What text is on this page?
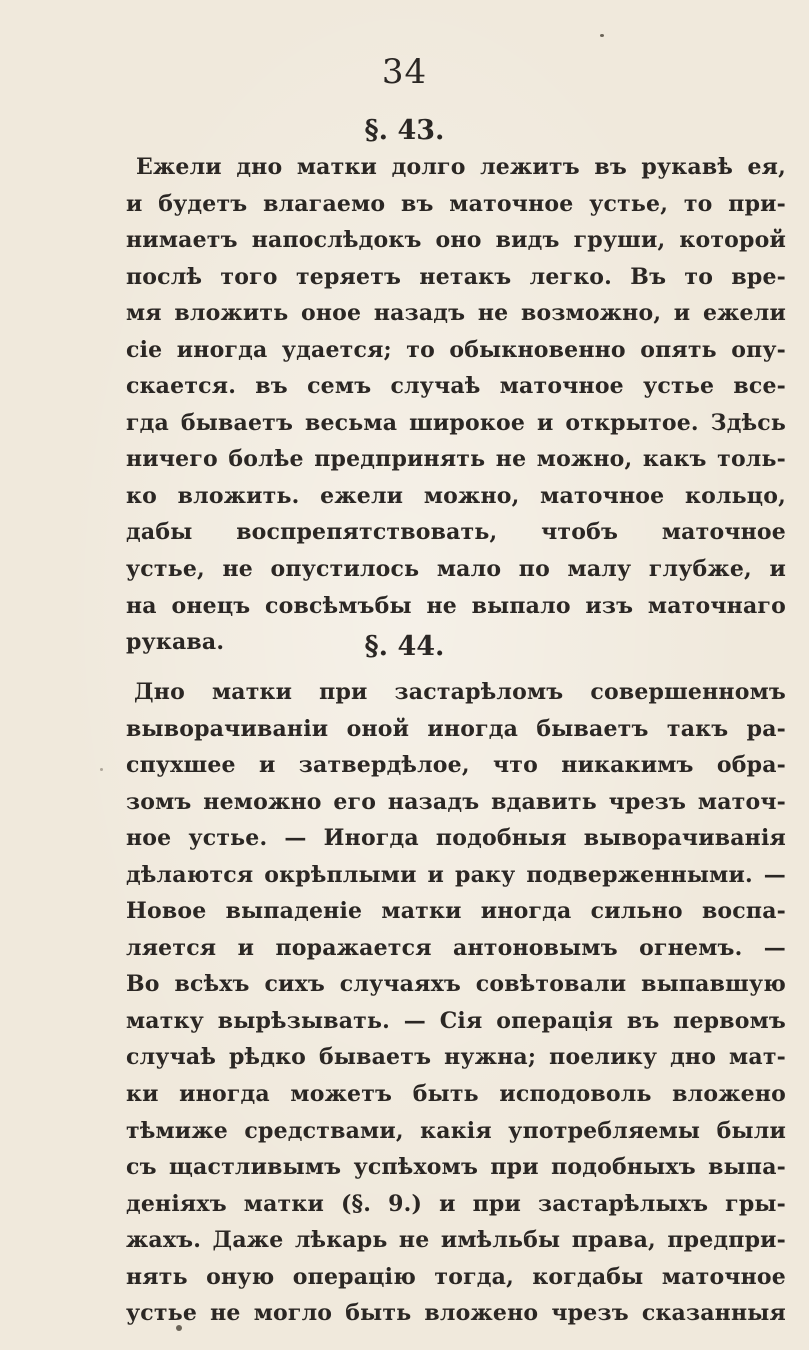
34
§. 43.
Ежели дно матки долго лежитъ въ рукавѣ ея,
и будетъ влагаемо въ маточное устье, то при-
нимаетъ напослѣдокъ оно видъ груши, которой
послѣ того теряетъ нетакъ легко. Въ то вре-
мя вложить оное назадъ не возможно, и ежели
сіе иногда удается; то обыкновенно опять опу-
скается. въ семъ случаѣ маточное устье все-
гда бываетъ весьма широкое и открытое. Здѣсь
ничего болѣе предпринять не можно, какъ толь-
ко вложить. ежели можно, маточное кольцо,
дабы воспрепятствовать, чтобъ маточное
устье, не опустилось мало по малу глубже, и
на онецъ совсѣмъбы не выпало изъ маточнаго
рукава.	§. 44.
Дно матки при застарѣломъ совершенномъ
выворачиваніи оной иногда бываетъ такъ ра-
спухшее и затвердѣлое, что никакимъ обра-
зомъ неможно его назадъ вдавить чрезъ маточ-
ное устье. — Иногда подобныя выворачиванія
дѣлаются окрѣплыми и раку подверженными. —
Новое выпаденіе матки иногда сильно воспа-
ляется и поражается антоновымъ огнемъ. —
Во всѣхъ сихъ случаяхъ совѣтовали выпавшую
матку вырѣзывать. — Сія операція въ первомъ
случаѣ рѣдко бываетъ нужна; поелику дно мат-
ки иногда можетъ быть исподоволь вложено
тѣмиже средствами, какія употребляемы были
съ щастливымъ успѣхомъ при подобныхъ выпа-
деніяхъ матки (§. 9.) и при застарѣлыхъ гры-
жахъ. Даже лѣкарь не имѣльбы права, предпри-
нять оную операцію тогда, когдабы маточное
устье не могло быть вложено чрезъ сказанныя
